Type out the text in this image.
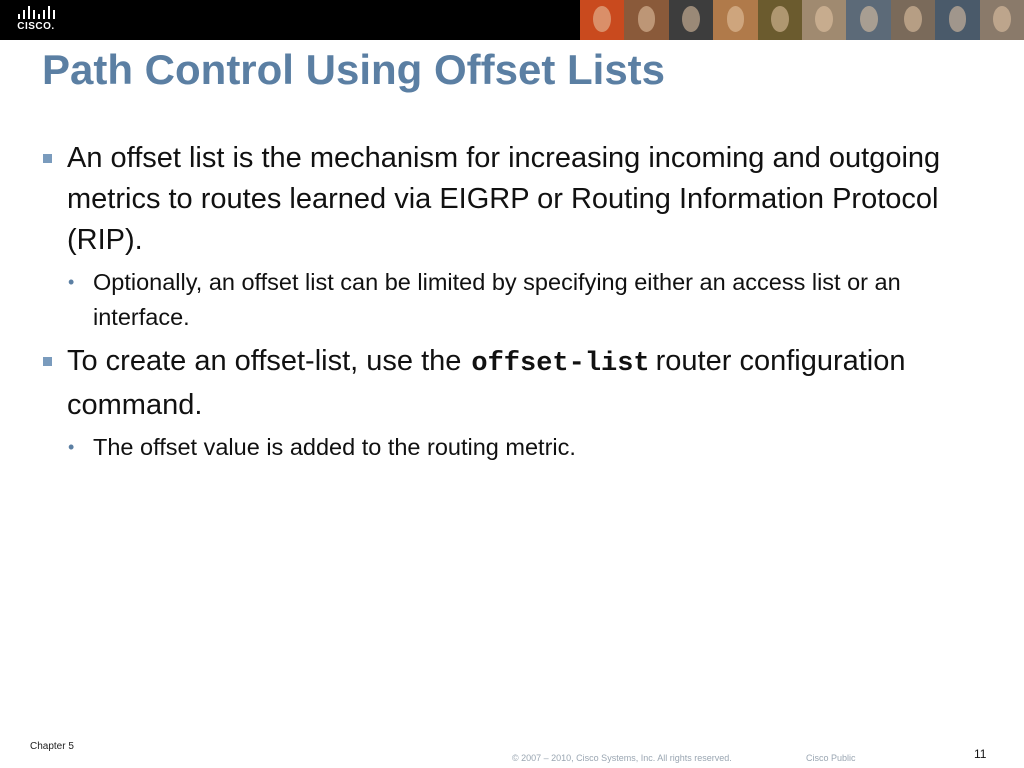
CISCO.
Path Control Using Offset Lists
An offset list is the mechanism for increasing incoming and outgoing metrics to routes learned via EIGRP or Routing Information Protocol (RIP).
• Optionally, an offset list can be limited by specifying either an access list or an interface.
To create an offset-list, use the offset-list router configuration command.
• The offset value is added to the routing metric.
Chapter 5
© 2007 – 2010, Cisco Systems, Inc. All rights reserved.	Cisco Public	11
